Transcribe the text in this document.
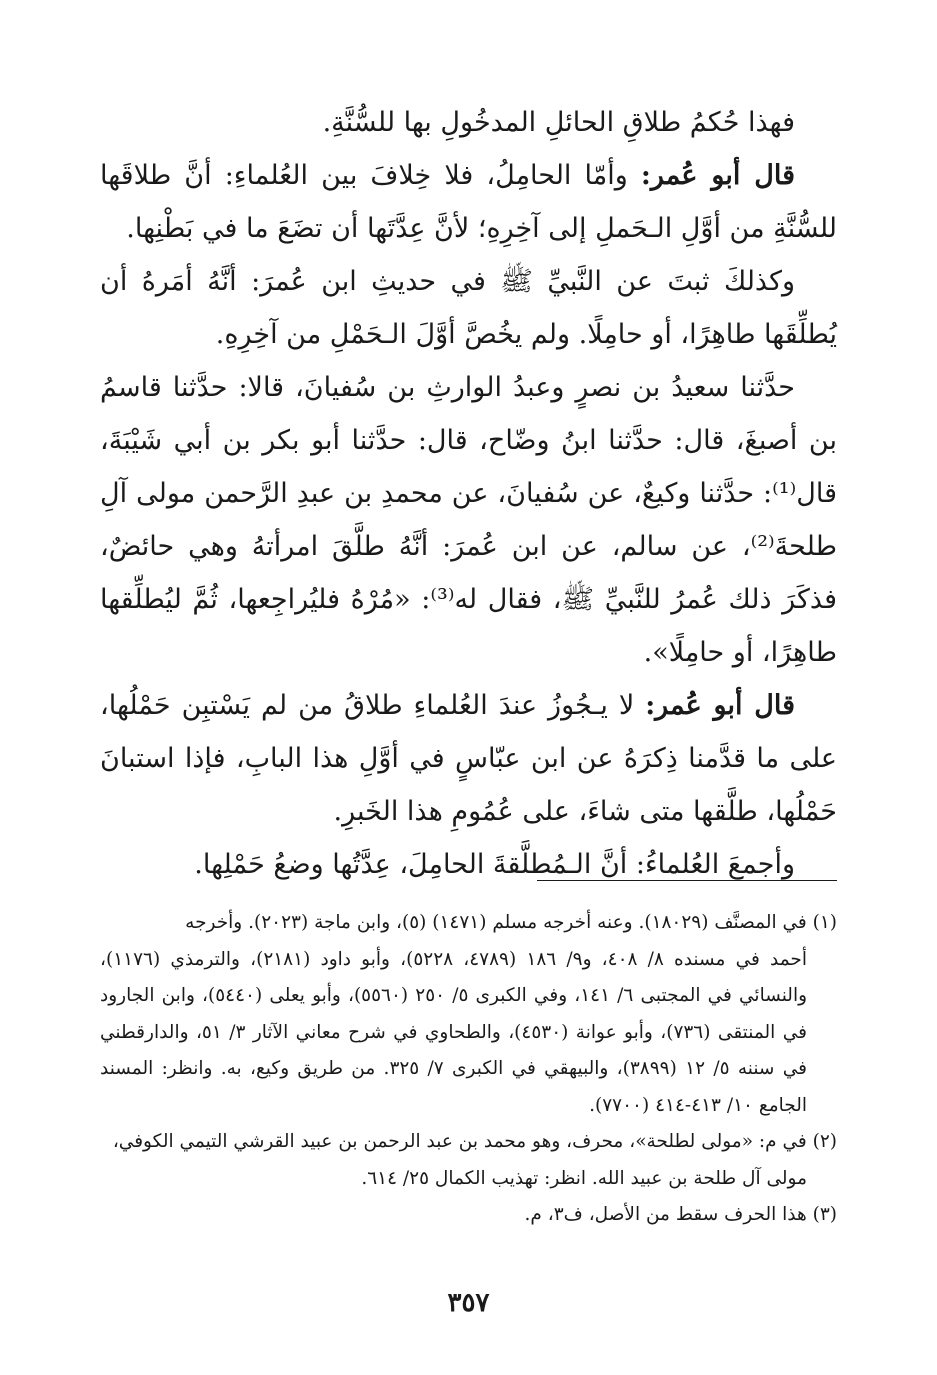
فهذا حُكمُ طلاقِ الحائلِ المدخُولِ بها للسُّنَّةِ.

قال أبو عُمر: وأمّا الحامِلُ، فلا خِلافَ بين العُلماءِ: أنَّ طلاقَها للسُّنَّةِ من أوَّلِ الـحَملِ إلى آخِرِهِ؛ لأنَّ عِدَّتَها أن تضَعَ ما في بَطْنِها.

وكذلكَ ثبتَ عن النَّبيِّ ﷺ في حديثِ ابن عُمرَ: أنَّهُ أمَرهُ أن يُطلِّقَها طاهِرًا، أو حامِلًا. ولم يخُصَّ أوَّلَ الـحَمْلِ من آخِرِهِ.

حدَّثنا سعيدُ بن نصرٍ وعبدُ الوارثِ بن سُفيانَ، قالا: حدَّثنا قاسمُ بن أصبغَ، قال: حدَّثنا ابنُ وضّاح، قال: حدَّثنا أبو بكر بن أبي شَيْبَةَ، قال⁽¹⁾: حدَّثنا وكيعٌ، عن سُفيانَ، عن محمدِ بن عبدِ الرَّحمن مولى آلِ طلحةَ⁽²⁾، عن سالم، عن ابن عُمرَ: أنَّهُ طلَّقَ امرأتهُ وهي حائضٌ، فذكَرَ ذلك عُمرُ للنَّبيِّ ﷺ، فقال له⁽³⁾: «مُرْهُ فليُراجِعها، ثُمَّ ليُطلِّقها طاهِرًا، أو حامِلًا».

قال أبو عُمر: لا يـجُوزُ عندَ العُلماءِ طلاقُ من لم يَسْتبِن حَمْلُها، على ما قدَّمنا ذِكرَهُ عن ابن عبّاسٍ في أوَّلِ هذا البابِ، فإذا استبانَ حَمْلُها، طلَّقها متى شاءَ، على عُمُومِ هذا الخَبرِ.

وأجمعَ العُلماءُ: أنَّ الـمُطلَّقةَ الحامِلَ، عِدَّتُها وضعُ حَمْلِها.

(١) في المصنَّف (١٨٠٢٩). وعنه أخرجه مسلم (١٤٧١) (٥)، وابن ماجة (٢٠٢٣). وأخرجه

أحمد في مسنده ٨/ ٤٠٨، و٩/ ١٨٦ (٤٧٨٩، ٥٢٢٨)، وأبو داود (٢١٨١)، والترمذي (١١٧٦)، والنسائي في المجتبى ٦/ ١٤١، وفي الكبرى ٥/ ٢٥٠ (٥٥٦٠)، وأبو يعلى (٥٤٤٠)، وابن الجارود في المنتقى (٧٣٦)، وأبو عوانة (٤٥٣٠)، والطحاوي في شرح معاني الآثار ٣/ ٥١، والدارقطني في سننه ٥/ ١٢ (٣٨٩٩)، والبيهقي في الكبرى ٧/ ٣٢٥. من طريق وكيع، به. وانظر: المسند الجامع ١٠/ ٤١٣-٤١٤ (٧٧٠٠).

(٢) في م: «مولى لطلحة»، محرف، وهو محمد بن عبد الرحمن بن عبيد القرشي التيمي الكوفي،

مولى آل طلحة بن عبيد الله. انظر: تهذيب الكمال ٢٥/ ٦١٤.

(٣) هذا الحرف سقط من الأصل، ف٣، م.

٣٥٧
